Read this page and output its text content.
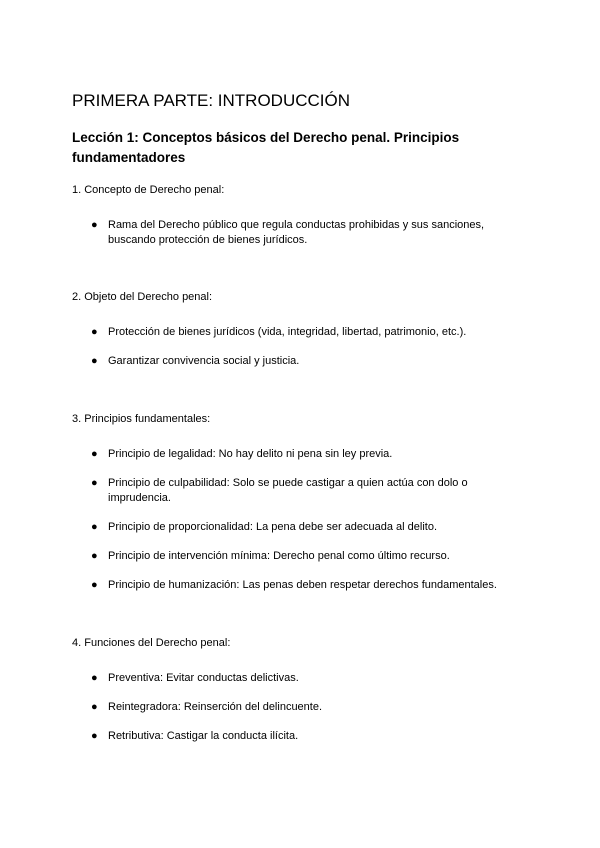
PRIMERA PARTE: INTRODUCCIÓN
Lección 1: Conceptos básicos del Derecho penal. Principios fundamentadores
1. Concepto de Derecho penal:
● Rama del Derecho público que regula conductas prohibidas y sus sanciones, buscando protección de bienes jurídicos.
2. Objeto del Derecho penal:
● Protección de bienes jurídicos (vida, integridad, libertad, patrimonio, etc.).
● Garantizar convivencia social y justicia.
3. Principios fundamentales:
● Principio de legalidad: No hay delito ni pena sin ley previa.
● Principio de culpabilidad: Solo se puede castigar a quien actúa con dolo o imprudencia.
● Principio de proporcionalidad: La pena debe ser adecuada al delito.
● Principio de intervención mínima: Derecho penal como último recurso.
● Principio de humanización: Las penas deben respetar derechos fundamentales.
4. Funciones del Derecho penal:
● Preventiva: Evitar conductas delictivas.
● Reintegradora: Reinserción del delincuente.
● Retributiva: Castigar la conducta ilícita.
